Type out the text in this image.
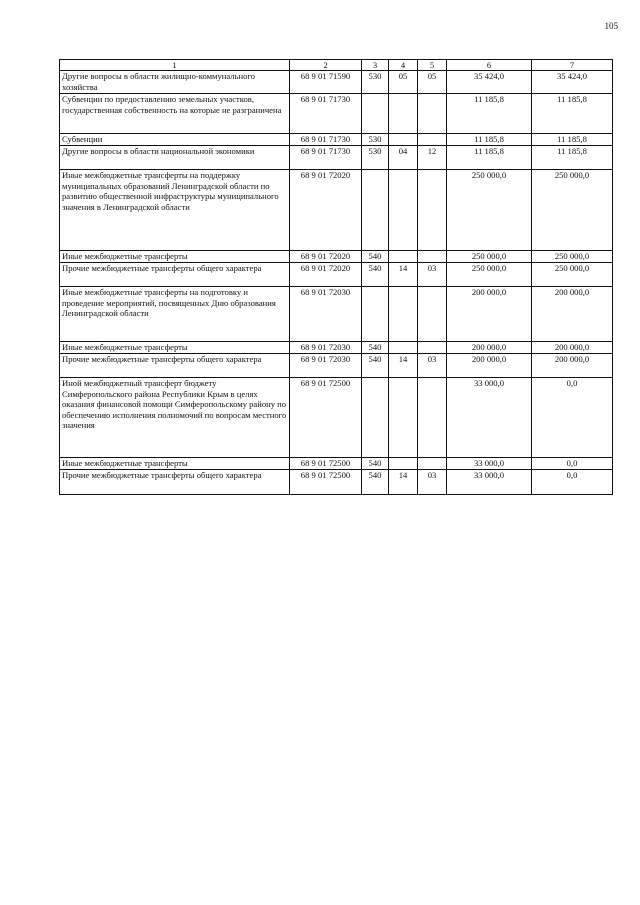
105
1	2	3	4	5	6	7
Другие вопросы в области жилищно-коммунального хозяйства	68 9 01 71590	530	05	05	35 424,0	35 424,0
Субвенции по предоставлению земельных участков, государственная собственность на которые не разграничена	68 9 01 71730				11 185,8	11 185,8
Субвенции	68 9 01 71730	530			11 185,8	11 185,8
Другие вопросы в области национальной экономики	68 9 01 71730	530	04	12	11 185,8	11 185,8
Иные межбюджетные трансферты на поддержку муниципальных образований Ленинградской области по развитию общественной инфраструктуры муниципального значения в Ленинградской области	68 9 01 72020				250 000,0	250 000,0
Иные межбюджетные трансферты	68 9 01 72020	540			250 000,0	250 000,0
Прочие межбюджетные трансферты общего характера	68 9 01 72020	540	14	03	250 000,0	250 000,0
Иные межбюджетные трансферты на подготовку и проведение мероприятий, посвященных Дню образования Ленинградской области	68 9 01 72030				200 000,0	200 000,0
Иные межбюджетные трансферты	68 9 01 72030	540			200 000,0	200 000,0
Прочие межбюджетные трансферты общего характера	68 9 01 72030	540	14	03	200 000,0	200 000,0
Иной межбюджетный трансферт бюджету Симферопольского района Республики Крым в целях оказания финансовой помощи Симферопольскому району по обеспечению исполнения полномочий по вопросам местного значения	68 9 01 72500				33 000,0	0,0
Иные межбюджетные трансферты	68 9 01 72500	540			33 000,0	0,0
Прочие межбюджетные трансферты общего характера	68 9 01 72500	540	14	03	33 000,0	0,0
